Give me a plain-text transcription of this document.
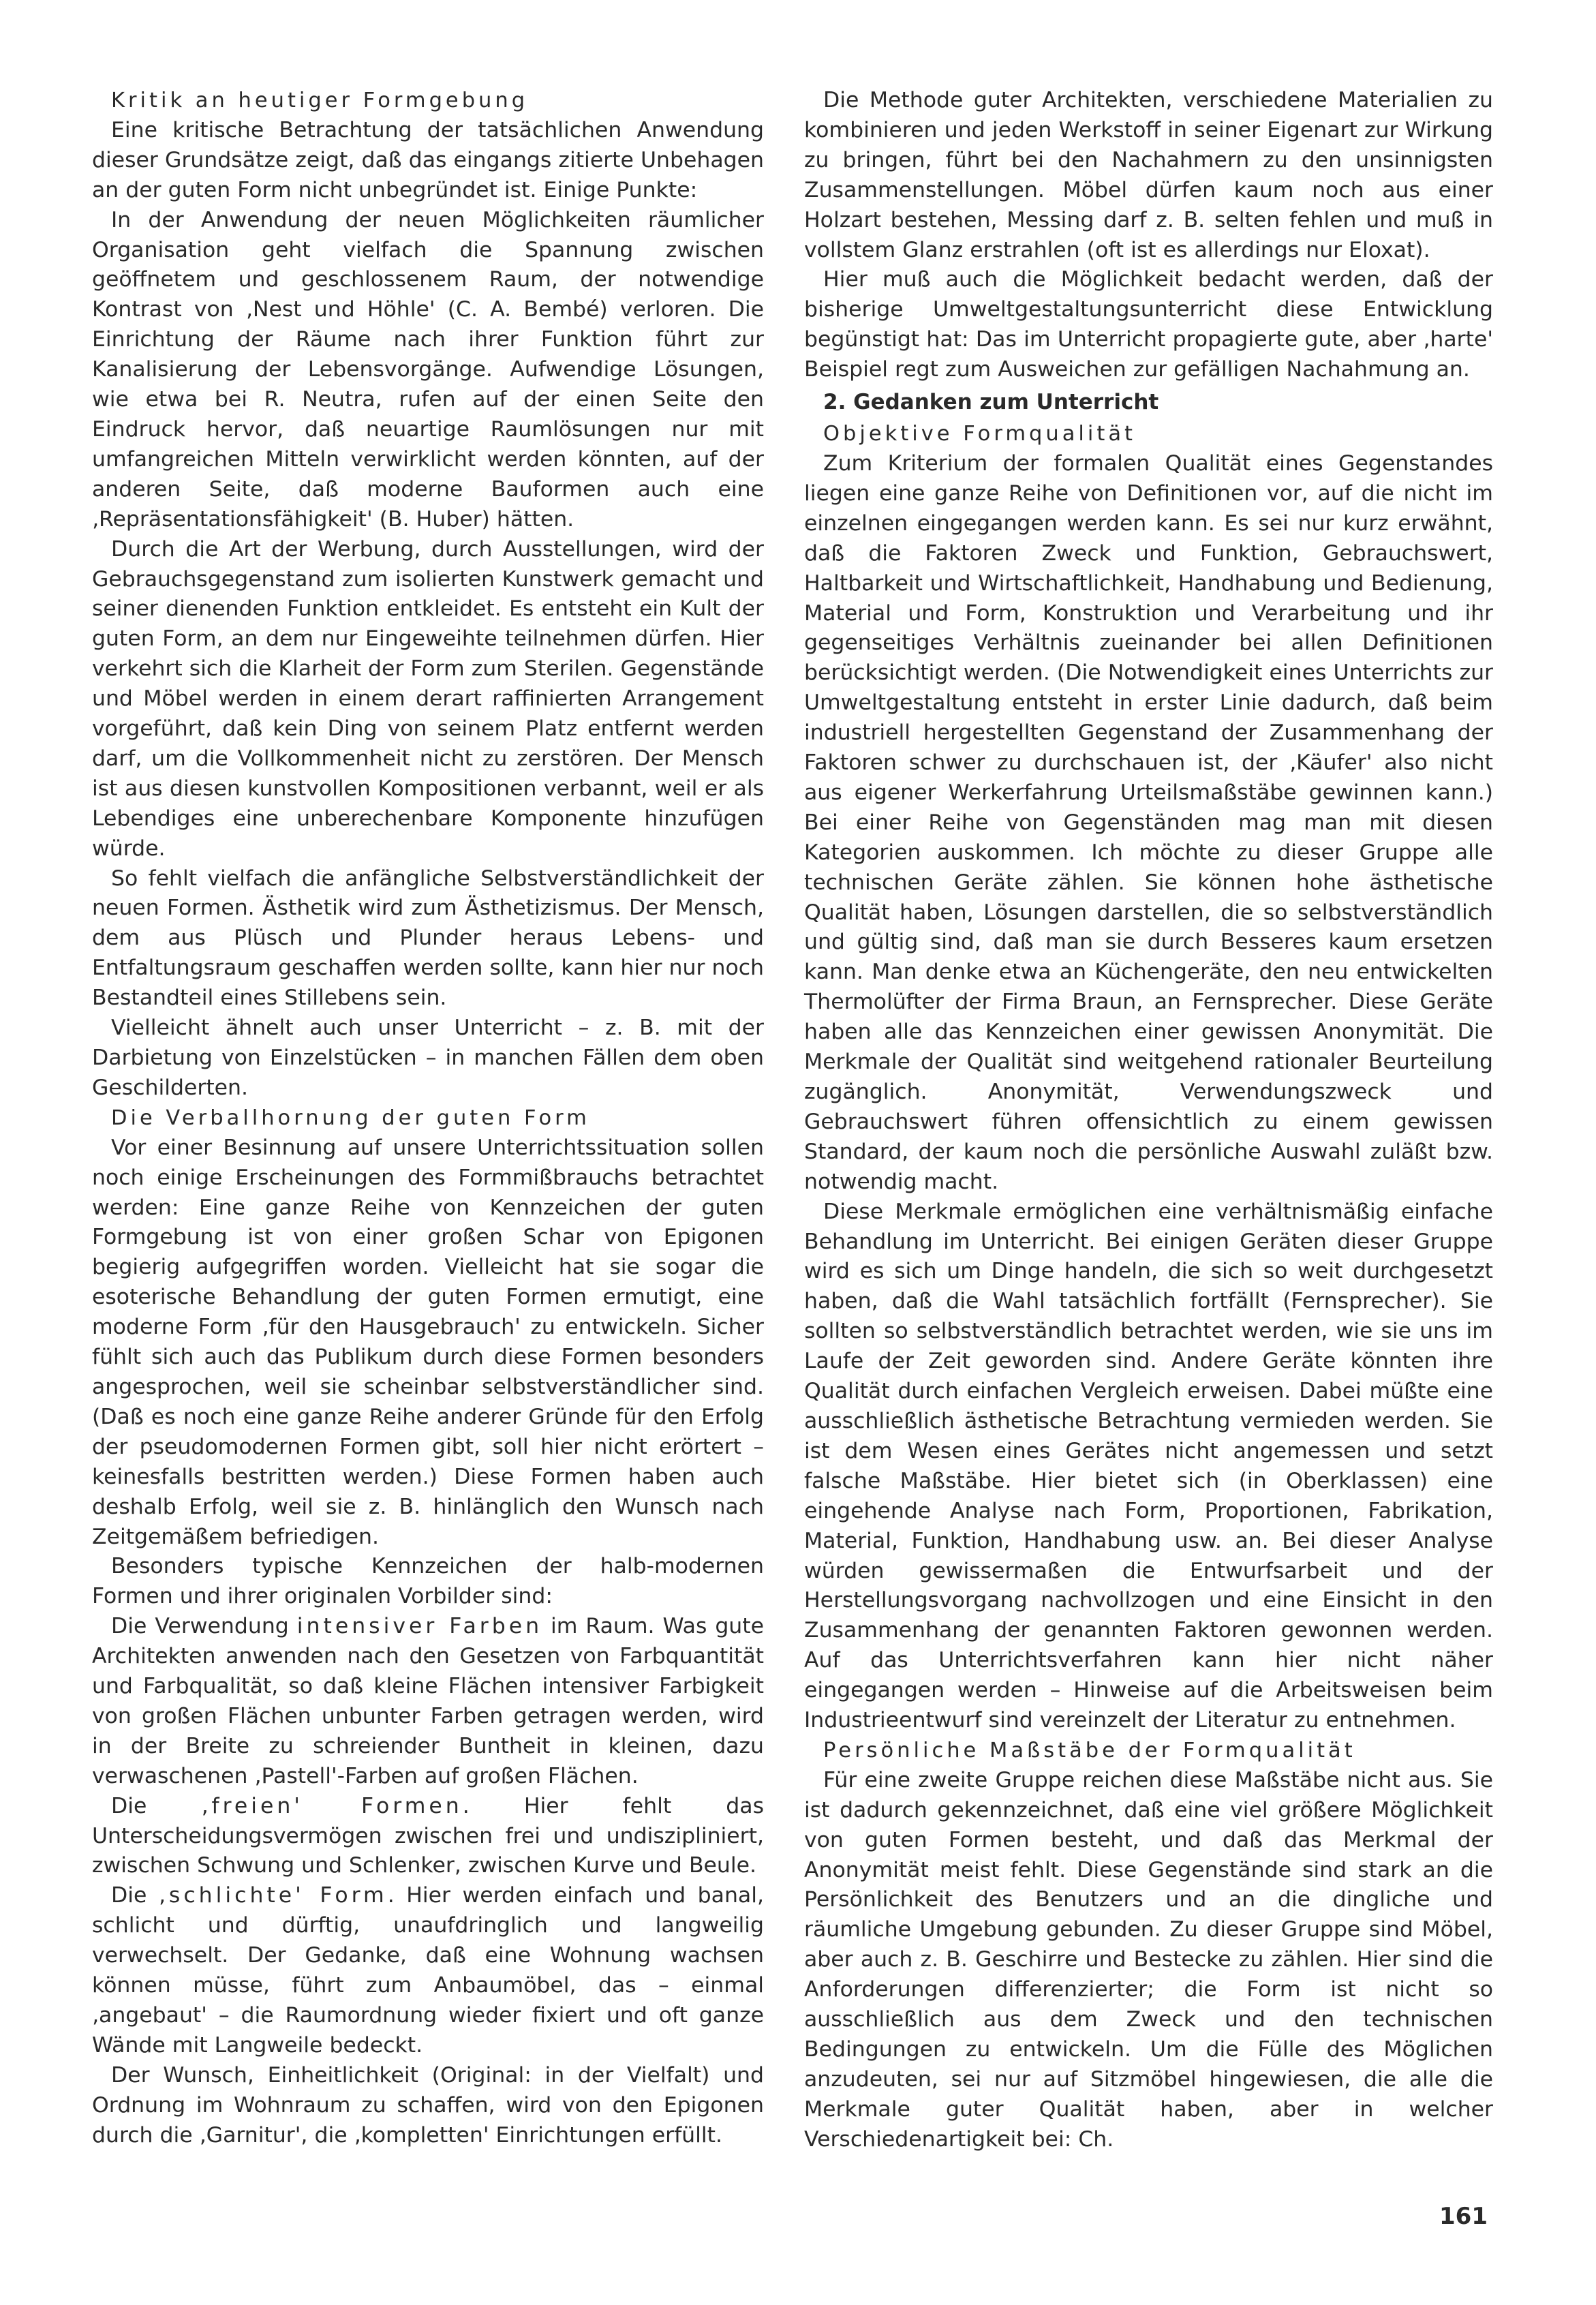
Kritik an heutiger Formgebung

Eine kritische Betrachtung der tatsächlichen Anwendung dieser Grundsätze zeigt, daß das eingangs zitierte Unbehagen an der guten Form nicht unbegründet ist. Einige Punkte:

In der Anwendung der neuen Möglichkeiten räumlicher Organisation geht vielfach die Spannung zwischen geöffnetem und geschlossenem Raum, der notwendige Kontrast von ‚Nest und Höhle' (C. A. Bembé) verloren. Die Einrichtung der Räume nach ihrer Funktion führt zur Kanalisierung der Lebensvorgänge. Aufwendige Lösungen, wie etwa bei R. Neutra, rufen auf der einen Seite den Eindruck hervor, daß neuartige Raumlösungen nur mit umfangreichen Mitteln verwirklicht werden könnten, auf der anderen Seite, daß moderne Bauformen auch eine ‚Repräsentationsfähigkeit' (B. Huber) hätten.

Durch die Art der Werbung, durch Ausstellungen, wird der Gebrauchsgegenstand zum isolierten Kunstwerk gemacht und seiner dienenden Funktion entkleidet. Es entsteht ein Kult der guten Form, an dem nur Eingeweihte teilnehmen dürfen. Hier verkehrt sich die Klarheit der Form zum Sterilen. Gegenstände und Möbel werden in einem derart raffinierten Arrangement vorgeführt, daß kein Ding von seinem Platz entfernt werden darf, um die Vollkommenheit nicht zu zerstören. Der Mensch ist aus diesen kunstvollen Kompositionen verbannt, weil er als Lebendiges eine unberechenbare Komponente hinzufügen würde.

So fehlt vielfach die anfängliche Selbstverständlichkeit der neuen Formen. Ästhetik wird zum Ästhetizismus. Der Mensch, dem aus Plüsch und Plunder heraus Lebens- und Entfaltungsraum geschaffen werden sollte, kann hier nur noch Bestandteil eines Stillebens sein.

Vielleicht ähnelt auch unser Unterricht – z. B. mit der Darbietung von Einzelstücken – in manchen Fällen dem oben Geschilderten.

Die Verballhornung der guten Form

Vor einer Besinnung auf unsere Unterrichtssituation sollen noch einige Erscheinungen des Formmißbrauchs betrachtet werden: Eine ganze Reihe von Kennzeichen der guten Formgebung ist von einer großen Schar von Epigonen begierig aufgegriffen worden. Vielleicht hat sie sogar die esoterische Behandlung der guten Formen ermutigt, eine moderne Form ‚für den Hausgebrauch' zu entwickeln. Sicher fühlt sich auch das Publikum durch diese Formen besonders angesprochen, weil sie scheinbar selbstverständlicher sind. (Daß es noch eine ganze Reihe anderer Gründe für den Erfolg der pseudomodernen Formen gibt, soll hier nicht erörtert – keinesfalls bestritten werden.) Diese Formen haben auch deshalb Erfolg, weil sie z. B. hinlänglich den Wunsch nach Zeitgemäßem befriedigen.

Besonders typische Kennzeichen der halb-modernen Formen und ihrer originalen Vorbilder sind:

Die Verwendung intensiver Farben im Raum. Was gute Architekten anwenden nach den Gesetzen von Farbquantität und Farbqualität, so daß kleine Flächen intensiver Farbigkeit von großen Flächen unbunter Farben getragen werden, wird in der Breite zu schreiender Buntheit in kleinen, dazu verwaschenen ‚Pastell'-Farben auf großen Flächen.

Die ‚freien' Formen. Hier fehlt das Unterscheidungsvermögen zwischen frei und undiszipliniert, zwischen Schwung und Schlenker, zwischen Kurve und Beule.

Die ‚schlichte' Form. Hier werden einfach und banal, schlicht und dürftig, unaufdringlich und langweilig verwechselt. Der Gedanke, daß eine Wohnung wachsen können müsse, führt zum Anbaumöbel, das – einmal ‚angebaut' – die Raumordnung wieder fixiert und oft ganze Wände mit Langweile bedeckt.

Der Wunsch, Einheitlichkeit (Original: in der Vielfalt) und Ordnung im Wohnraum zu schaffen, wird von den Epigonen durch die ‚Garnitur', die ‚kompletten' Einrichtungen erfüllt.

Die Methode guter Architekten, verschiedene Materialien zu kombinieren und jeden Werkstoff in seiner Eigenart zur Wirkung zu bringen, führt bei den Nachahmern zu den unsinnigsten Zusammenstellungen. Möbel dürfen kaum noch aus einer Holzart bestehen, Messing darf z. B. selten fehlen und muß in vollstem Glanz erstrahlen (oft ist es allerdings nur Eloxat).

Hier muß auch die Möglichkeit bedacht werden, daß der bisherige Umweltgestaltungsunterricht diese Entwicklung begünstigt hat: Das im Unterricht propagierte gute, aber ‚harte' Beispiel regt zum Ausweichen zur gefälligen Nachahmung an.

2. Gedanken zum Unterricht

Objektive Formqualität

Zum Kriterium der formalen Qualität eines Gegenstandes liegen eine ganze Reihe von Definitionen vor, auf die nicht im einzelnen eingegangen werden kann. Es sei nur kurz erwähnt, daß die Faktoren Zweck und Funktion, Gebrauchswert, Haltbarkeit und Wirtschaftlichkeit, Handhabung und Bedienung, Material und Form, Konstruktion und Verarbeitung und ihr gegenseitiges Verhältnis zueinander bei allen Definitionen berücksichtigt werden. (Die Notwendigkeit eines Unterrichts zur Umweltgestaltung entsteht in erster Linie dadurch, daß beim industriell hergestellten Gegenstand der Zusammenhang der Faktoren schwer zu durchschauen ist, der ‚Käufer' also nicht aus eigener Werkerfahrung Urteilsmaßstäbe gewinnen kann.) Bei einer Reihe von Gegenständen mag man mit diesen Kategorien auskommen. Ich möchte zu dieser Gruppe alle technischen Geräte zählen. Sie können hohe ästhetische Qualität haben, Lösungen darstellen, die so selbstverständlich und gültig sind, daß man sie durch Besseres kaum ersetzen kann. Man denke etwa an Küchengeräte, den neu entwickelten Thermolüfter der Firma Braun, an Fernsprecher. Diese Geräte haben alle das Kennzeichen einer gewissen Anonymität. Die Merkmale der Qualität sind weitgehend rationaler Beurteilung zugänglich. Anonymität, Verwendungszweck und Gebrauchswert führen offensichtlich zu einem gewissen Standard, der kaum noch die persönliche Auswahl zuläßt bzw. notwendig macht.

Diese Merkmale ermöglichen eine verhältnismäßig einfache Behandlung im Unterricht. Bei einigen Geräten dieser Gruppe wird es sich um Dinge handeln, die sich so weit durchgesetzt haben, daß die Wahl tatsächlich fortfällt (Fernsprecher). Sie sollten so selbstverständlich betrachtet werden, wie sie uns im Laufe der Zeit geworden sind. Andere Geräte könnten ihre Qualität durch einfachen Vergleich erweisen. Dabei müßte eine ausschließlich ästhetische Betrachtung vermieden werden. Sie ist dem Wesen eines Gerätes nicht angemessen und setzt falsche Maßstäbe. Hier bietet sich (in Oberklassen) eine eingehende Analyse nach Form, Proportionen, Fabrikation, Material, Funktion, Handhabung usw. an. Bei dieser Analyse würden gewissermaßen die Entwurfsarbeit und der Herstellungsvorgang nachvollzogen und eine Einsicht in den Zusammenhang der genannten Faktoren gewonnen werden. Auf das Unterrichtsverfahren kann hier nicht näher eingegangen werden – Hinweise auf die Arbeitsweisen beim Industrieentwurf sind vereinzelt der Literatur zu entnehmen.

Persönliche Maßstäbe der Formqualität

Für eine zweite Gruppe reichen diese Maßstäbe nicht aus. Sie ist dadurch gekennzeichnet, daß eine viel größere Möglichkeit von guten Formen besteht, und daß das Merkmal der Anonymität meist fehlt. Diese Gegenstände sind stark an die Persönlichkeit des Benutzers und an die dingliche und räumliche Umgebung gebunden. Zu dieser Gruppe sind Möbel, aber auch z. B. Geschirre und Bestecke zu zählen. Hier sind die Anforderungen differenzierter; die Form ist nicht so ausschließlich aus dem Zweck und den technischen Bedingungen zu entwickeln. Um die Fülle des Möglichen anzudeuten, sei nur auf Sitzmöbel hingewiesen, die alle die Merkmale guter Qualität haben, aber in welcher Verschiedenartigkeit bei: Ch.

161
